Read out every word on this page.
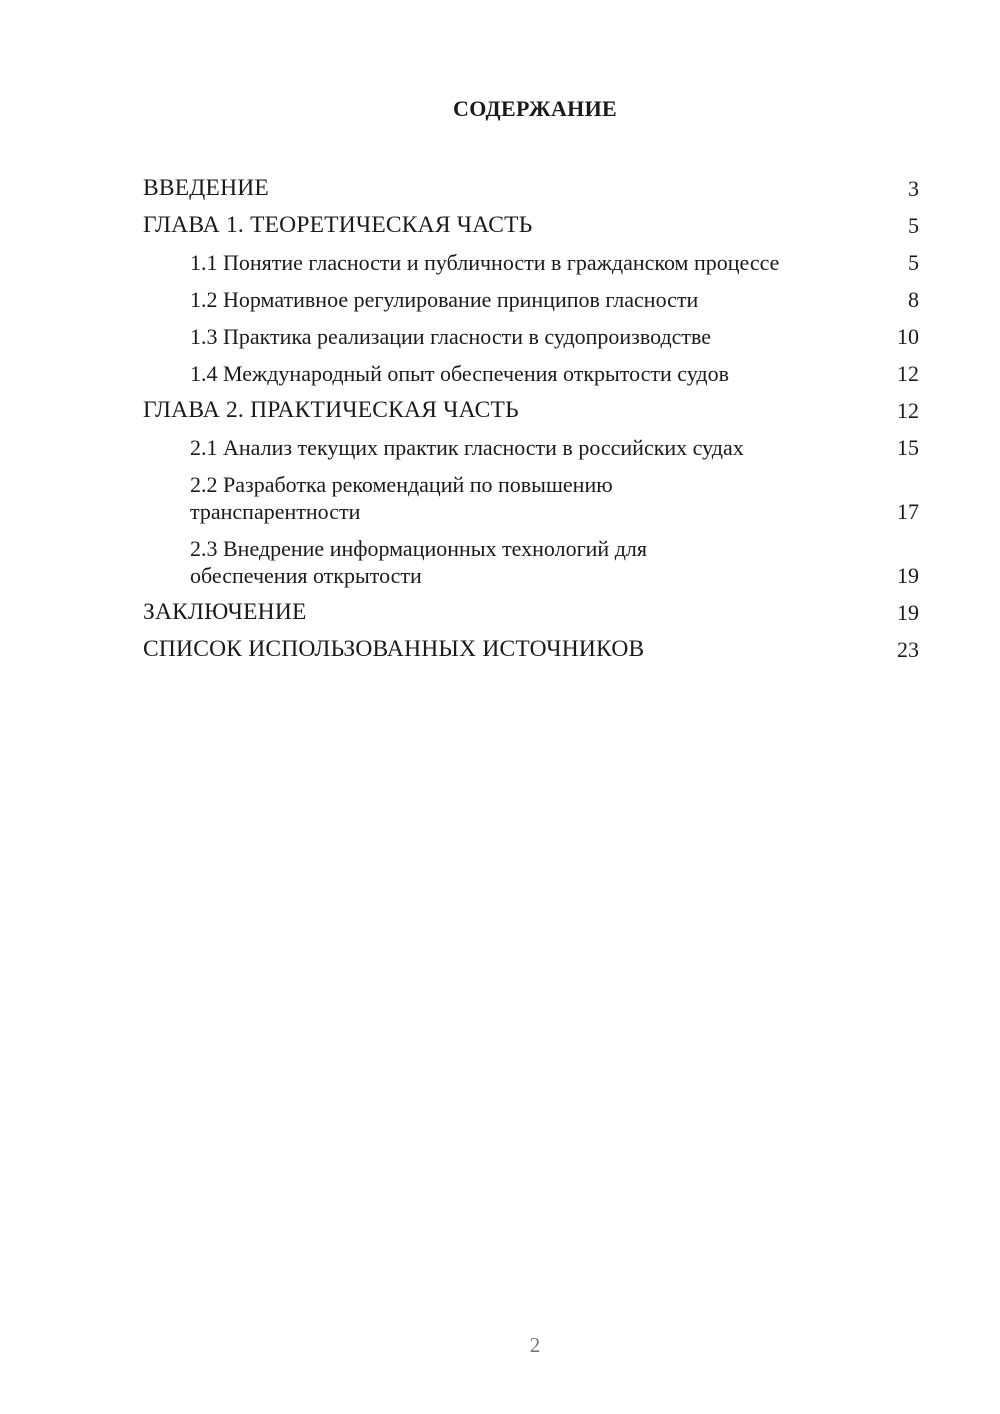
СОДЕРЖАНИЕ
ВВЕДЕНИЕ	3
ГЛАВА 1. ТЕОРЕТИЧЕСКАЯ ЧАСТЬ	5
1.1 Понятие гласности и публичности в гражданском процессе	5
1.2 Нормативное регулирование принципов гласности	8
1.3 Практика реализации гласности в судопроизводстве	10
1.4 Международный опыт обеспечения открытости судов	12
ГЛАВА 2. ПРАКТИЧЕСКАЯ ЧАСТЬ	12
2.1 Анализ текущих практик гласности в российских судах	15
2.2 Разработка рекомендаций по повышению транспарентности	17
2.3 Внедрение информационных технологий для обеспечения открытости	19
ЗАКЛЮЧЕНИЕ	19
СПИСОК ИСПОЛЬЗОВАННЫХ ИСТОЧНИКОВ	23
2
